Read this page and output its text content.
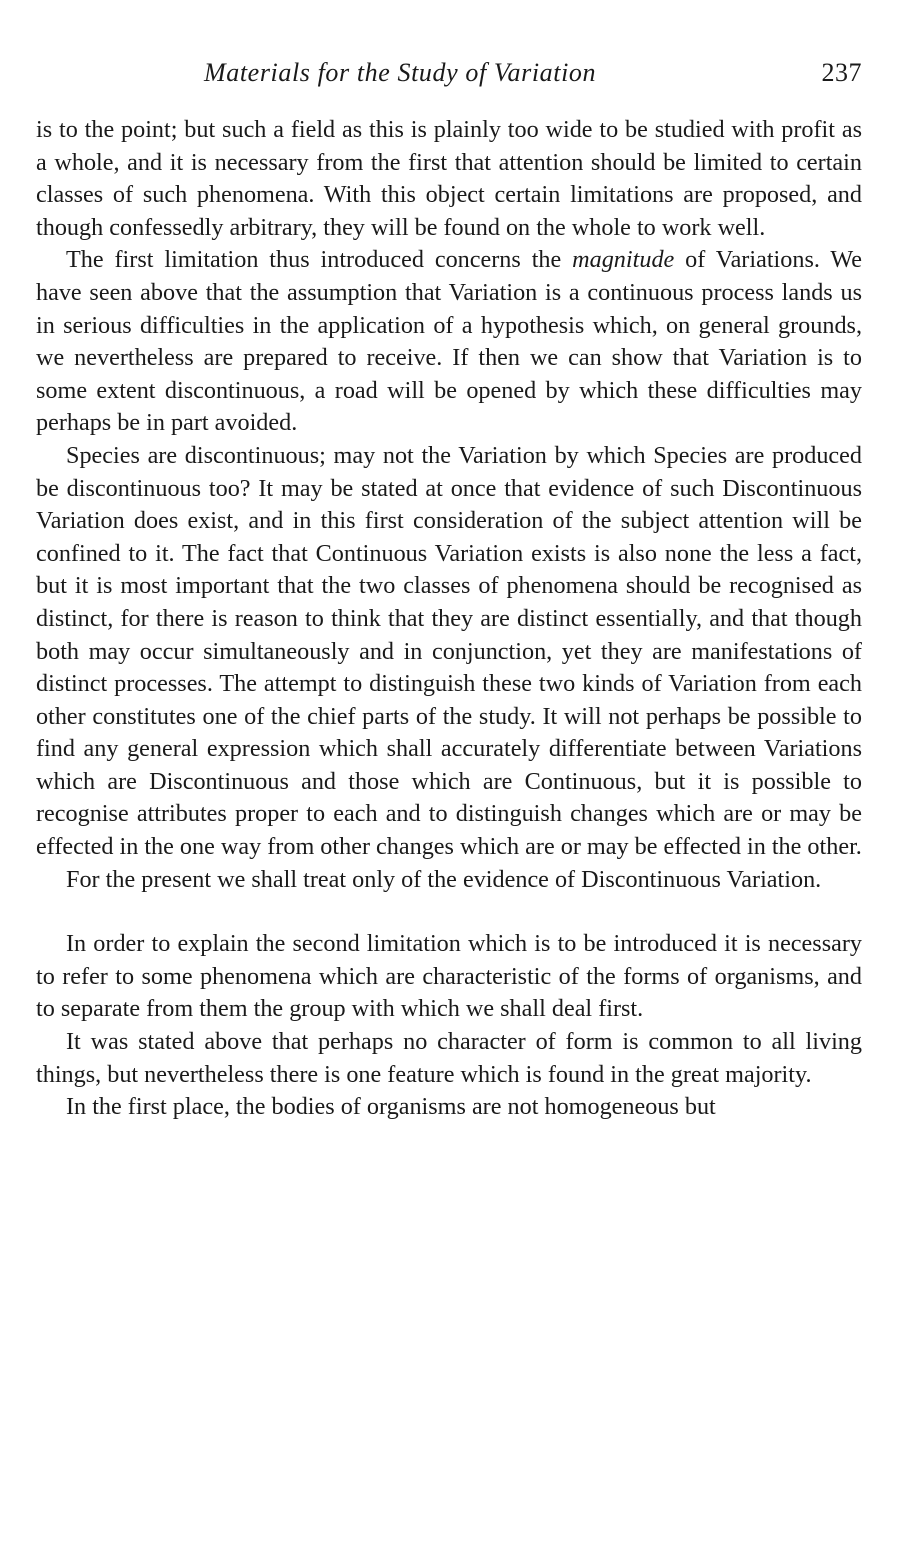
Materials for the Study of Variation	237

is to the point; but such a field as this is plainly too wide to be studied with profit as a whole, and it is necessary from the first that attention should be limited to certain classes of such phenomena. With this object certain limitations are proposed, and though confessedly arbitrary, they will be found on the whole to work well.

The first limitation thus introduced concerns the magnitude of Variations. We have seen above that the assumption that Variation is a continuous process lands us in serious difficulties in the application of a hypothesis which, on general grounds, we nevertheless are prepared to receive. If then we can show that Variation is to some extent discontinuous, a road will be opened by which these difficulties may perhaps be in part avoided.

Species are discontinuous; may not the Variation by which Species are produced be discontinuous too? It may be stated at once that evidence of such Discontinuous Variation does exist, and in this first consideration of the subject attention will be confined to it. The fact that Continuous Variation exists is also none the less a fact, but it is most important that the two classes of phenomena should be recognised as distinct, for there is reason to think that they are distinct essentially, and that though both may occur simultaneously and in conjunction, yet they are manifestations of distinct processes. The attempt to distinguish these two kinds of Variation from each other constitutes one of the chief parts of the study. It will not perhaps be possible to find any general expression which shall accurately differentiate between Variations which are Discontinuous and those which are Continuous, but it is possible to recognise attributes proper to each and to distinguish changes which are or may be effected in the one way from other changes which are or may be effected in the other.

For the present we shall treat only of the evidence of Discontinuous Variation.

In order to explain the second limitation which is to be introduced it is necessary to refer to some phenomena which are characteristic of the forms of organisms, and to separate from them the group with which we shall deal first.

It was stated above that perhaps no character of form is common to all living things, but nevertheless there is one feature which is found in the great majority.

In the first place, the bodies of organisms are not homogeneous but
